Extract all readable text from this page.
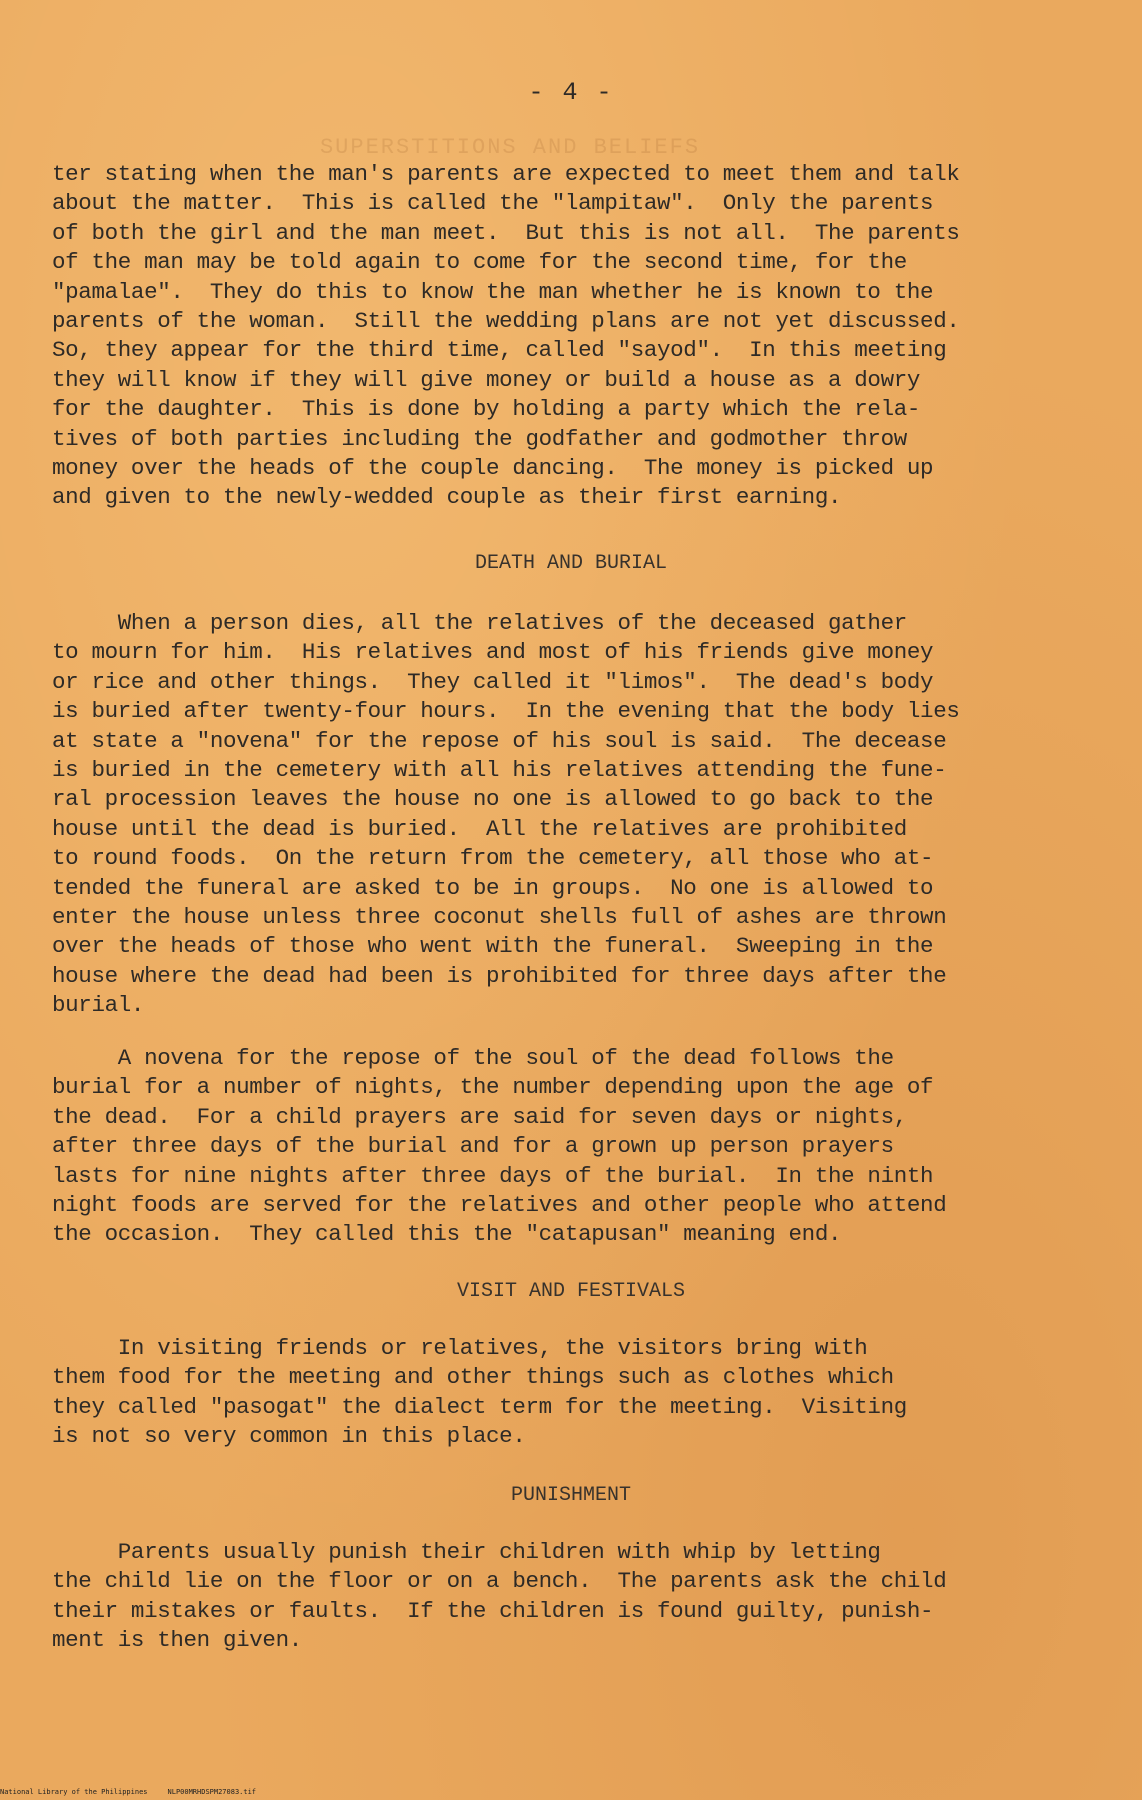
- 4 -
SUPERSTITIONS AND BELIEFS

ter stating when the man's parents are expected to meet them and talk
about the matter.  This is called the "lampitaw".  Only the parents
of both the girl and the man meet.  But this is not all.  The parents
of the man may be told again to come for the second time, for the
"pamalae".  They do this to know the man whether he is known to the
parents of the woman.  Still the wedding plans are not yet discussed.
So, they appear for the third time, called "sayod".  In this meeting
they will know if they will give money or build a house as a dowry
for the daughter.  This is done by holding a party which the rela-
tives of both parties including the godfather and godmother throw
money over the heads of the couple dancing.  The money is picked up
and given to the newly-wedded couple as their first earning.

DEATH AND BURIAL

When a person dies, all the relatives of the deceased gather
to mourn for him.  His relatives and most of his friends give money
or rice and other things.  They called it "limos".  The dead's body
is buried after twenty-four hours.  In the evening that the body lies
at state a "novena" for the repose of his soul is said.  The decease
is buried in the cemetery with all his relatives attending the fune-
ral procession leaves the house no one is allowed to go back to the
house until the dead is buried.  All the relatives are prohibited
to round foods.  On the return from the cemetery, all those who at-
tended the funeral are asked to be in groups.  No one is allowed to
enter the house unless three coconut shells full of ashes are thrown
over the heads of those who went with the funeral.  Sweeping in the
house where the dead had been is prohibited for three days after the
burial.

A novena for the repose of the soul of the dead follows the
burial for a number of nights, the number depending upon the age of
the dead.  For a child prayers are said for seven days or nights,
after three days of the burial and for a grown up person prayers
lasts for nine nights after three days of the burial.  In the ninth
night foods are served for the relatives and other people who attend
the occasion.  They called this the "catapusan" meaning end.

VISIT AND FESTIVALS

In visiting friends or relatives, the visitors bring with
them food for the meeting and other things such as clothes which
they called "pasogat" the dialect term for the meeting.  Visiting
is not so very common in this place.

PUNISHMENT

Parents usually punish their children with whip by letting
the child lie on the floor or on a bench.  The parents ask the child
their mistakes or faults.  If the children is found guilty, punish-
ment is then given.

National Library of the Philippines	NLP00MRHDSPM27083.tif
